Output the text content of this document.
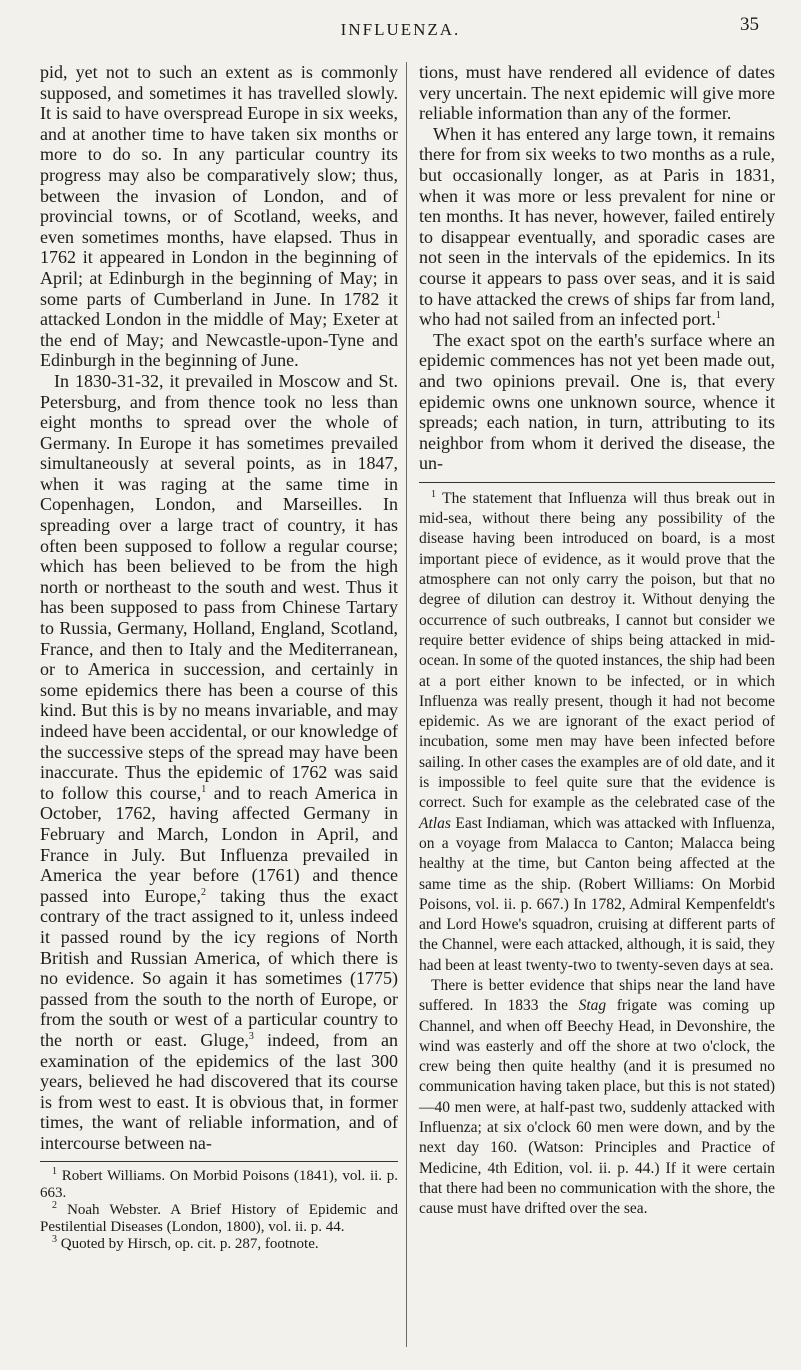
INFLUENZA.	35

pid, yet not to such an extent as is commonly supposed, and sometimes it has travelled slowly. It is said to have overspread Europe in six weeks, and at another time to have taken six months or more to do so. In any particular country its progress may also be comparatively slow; thus, between the invasion of London, and of provincial towns, or of Scotland, weeks, and even sometimes months, have elapsed. Thus in 1762 it appeared in London in the beginning of April; at Edinburgh in the beginning of May; in some parts of Cumberland in June. In 1782 it attacked London in the middle of May; Exeter at the end of May; and Newcastle-upon-Tyne and Edinburgh in the beginning of June.

In 1830-31-32, it prevailed in Moscow and St. Petersburg, and from thence took no less than eight months to spread over the whole of Germany. In Europe it has sometimes prevailed simultaneously at several points, as in 1847, when it was raging at the same time in Copenhagen, London, and Marseilles. In spreading over a large tract of country, it has often been supposed to follow a regular course; which has been believed to be from the high north or northeast to the south and west. Thus it has been supposed to pass from Chinese Tartary to Russia, Germany, Holland, England, Scotland, France, and then to Italy and the Mediterranean, or to America in succession, and certainly in some epidemics there has been a course of this kind. But this is by no means invariable, and may indeed have been accidental, or our knowledge of the successive steps of the spread may have been inaccurate. Thus the epidemic of 1762 was said to follow this course,$^1$ and to reach America in October, 1762, having affected Germany in February and March, London in April, and France in July. But Influenza prevailed in America the year before (1761) and thence passed into Europe,$^2$ taking thus the exact contrary of the tract assigned to it, unless indeed it passed round by the icy regions of North British and Russian America, of which there is no evidence. So again it has sometimes (1775) passed from the south to the north of Europe, or from the south or west of a particular country to the north or east. Gluge,$^3$ indeed, from an examination of the epidemics of the last 300 years, believed he had discovered that its course is from west to east. It is obvious that, in former times, the want of reliable information, and of intercourse between na-

$^1$ Robert Williams. On Morbid Poisons (1841), vol. ii. p. 663.

$^2$ Noah Webster. A Brief History of Epidemic and Pestilential Diseases (London, 1800), vol. ii. p. 44.

$^3$ Quoted by Hirsch, op. cit. p. 287, footnote.

tions, must have rendered all evidence of dates very uncertain. The next epidemic will give more reliable information than any of the former.

When it has entered any large town, it remains there for from six weeks to two months as a rule, but occasionally longer, as at Paris in 1831, when it was more or less prevalent for nine or ten months. It has never, however, failed entirely to disappear eventually, and sporadic cases are not seen in the intervals of the epidemics. In its course it appears to pass over seas, and it is said to have attacked the crews of ships far from land, who had not sailed from an infected port.$^1$

The exact spot on the earth's surface where an epidemic commences has not yet been made out, and two opinions prevail. One is, that every epidemic owns one unknown source, whence it spreads; each nation, in turn, attributing to its neighbor from whom it derived the disease, the un-

$^1$ The statement that Influenza will thus break out in mid-sea, without there being any possibility of the disease having been introduced on board, is a most important piece of evidence, as it would prove that the atmosphere can not only carry the poison, but that no degree of dilution can destroy it. Without denying the occurrence of such outbreaks, I cannot but consider we require better evidence of ships being attacked in mid-ocean. In some of the quoted instances, the ship had been at a port either known to be infected, or in which Influenza was really present, though it had not become epidemic. As we are ignorant of the exact period of incubation, some men may have been infected before sailing. In other cases the examples are of old date, and it is impossible to feel quite sure that the evidence is correct. Such for example as the celebrated case of the Atlas East Indiaman, which was attacked with Influenza, on a voyage from Malacca to Canton; Malacca being healthy at the time, but Canton being affected at the same time as the ship. (Robert Williams: On Morbid Poisons, vol. ii. p. 667.) In 1782, Admiral Kempenfeldt's and Lord Howe's squadron, cruising at different parts of the Channel, were each attacked, although, it is said, they had been at least twenty-two to twenty-seven days at sea.

There is better evidence that ships near the land have suffered. In 1833 the Stag frigate was coming up Channel, and when off Beechy Head, in Devonshire, the wind was easterly and off the shore at two o'clock, the crew being then quite healthy (and it is presumed no communication having taken place, but this is not stated)—40 men were, at half-past two, suddenly attacked with Influenza; at six o'clock 60 men were down, and by the next day 160. (Watson: Principles and Practice of Medicine, 4th Edition, vol. ii. p. 44.) If it were certain that there had been no communication with the shore, the cause must have drifted over the sea.
